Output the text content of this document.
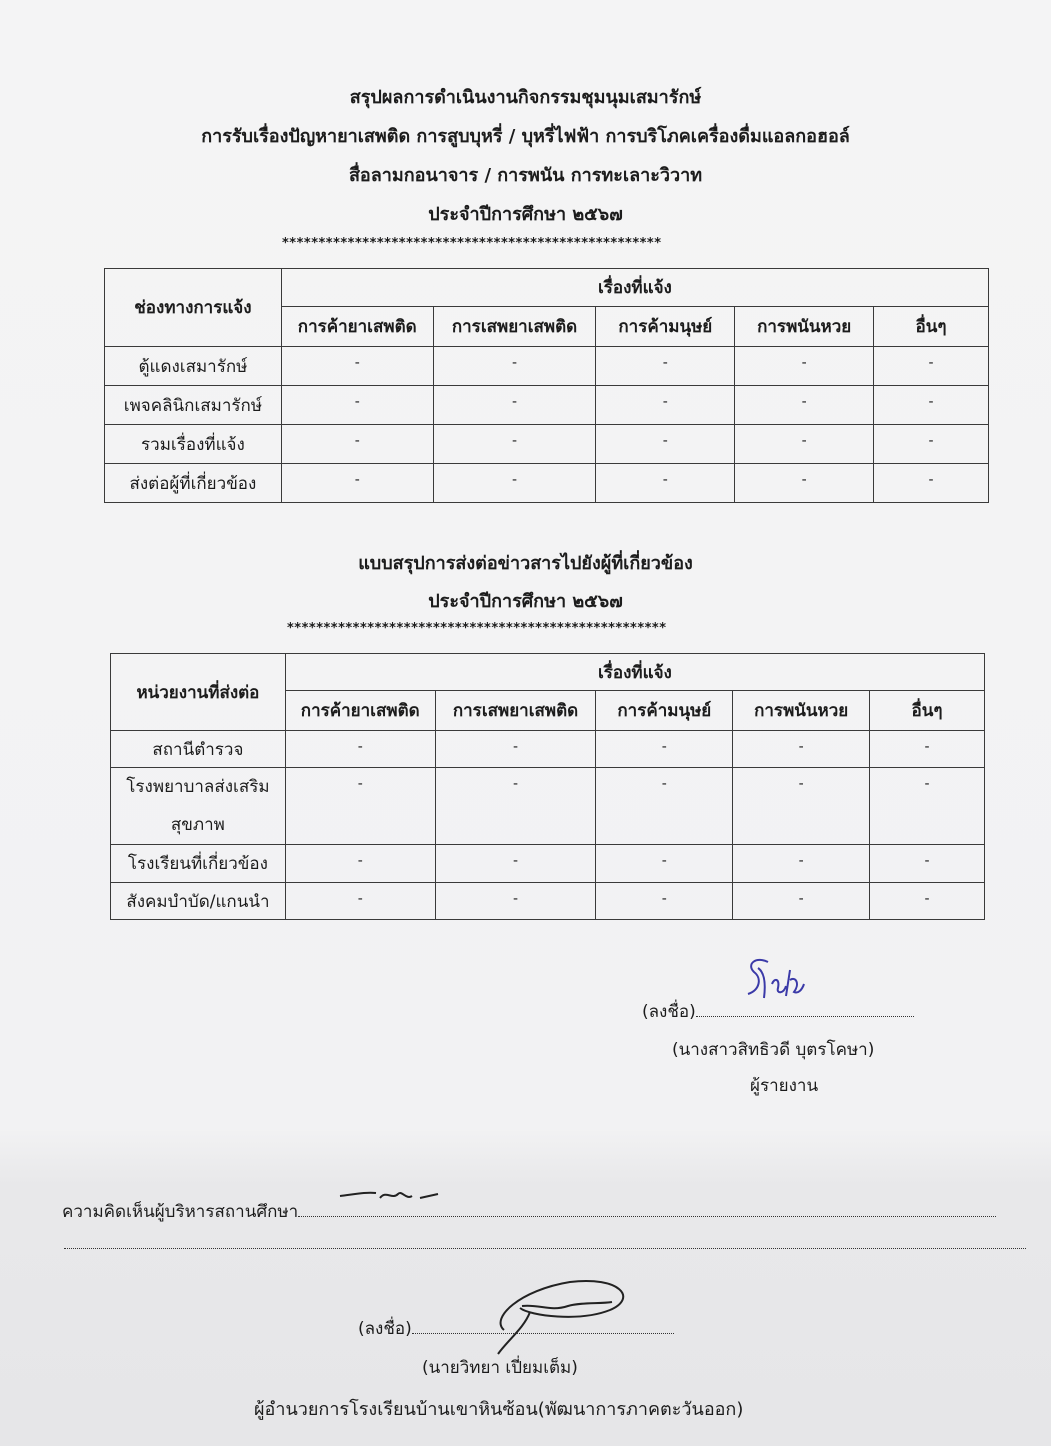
สรุปผลการดำเนินงานกิจกรรมชุมนุมเสมารักษ์
การรับเรื่องปัญหายาเสพติด การสูบบุหรี่ / บุหรี่ไฟฟ้า การบริโภคเครื่องดื่มแอลกอฮอล์
สื่อลามกอนาจาร / การพนัน การทะเลาะวิวาท
ประจำปีการศึกษา ๒๕๖๗
****************************************************
ช่องทางการแจ้ง	เรื่องที่แจ้ง				
	การค้ายาเสพติด	การเสพยาเสพติด	การค้ามนุษย์	การพนันหวย	อื่นๆ
ตู้แดงเสมารักษ์	-	-	-	-	-
เพจคลินิกเสมารักษ์	-	-	-	-	-
รวมเรื่องที่แจ้ง	-	-	-	-	-
ส่งต่อผู้ที่เกี่ยวข้อง	-	-	-	-	-
แบบสรุปการส่งต่อข่าวสารไปยังผู้ที่เกี่ยวข้อง
ประจำปีการศึกษา ๒๕๖๗
****************************************************
หน่วยงานที่ส่งต่อ	เรื่องที่แจ้ง				
	การค้ายาเสพติด	การเสพยาเสพติด	การค้ามนุษย์	การพนันหวย	อื่นๆ
สถานีตำรวจ	-	-	-	-	-

โรงพยาบาลส่งเสริม
สุขภาพ	-	-	-	-	-
โรงเรียนที่เกี่ยวข้อง	-	-	-	-	-
สังคมบำบัด/แกนนำ	-	-	-	-	-
(ลงชื่อ)
(นางสาวสิทธิวดี บุตรโคษา)
ผู้รายงาน
ความคิดเห็นผู้บริหารสถานศึกษา
(ลงชื่อ)
(นายวิทยา เปี่ยมเต็ม)
ผู้อำนวยการโรงเรียนบ้านเขาหินซ้อน(พัฒนาการภาคตะวันออก)
